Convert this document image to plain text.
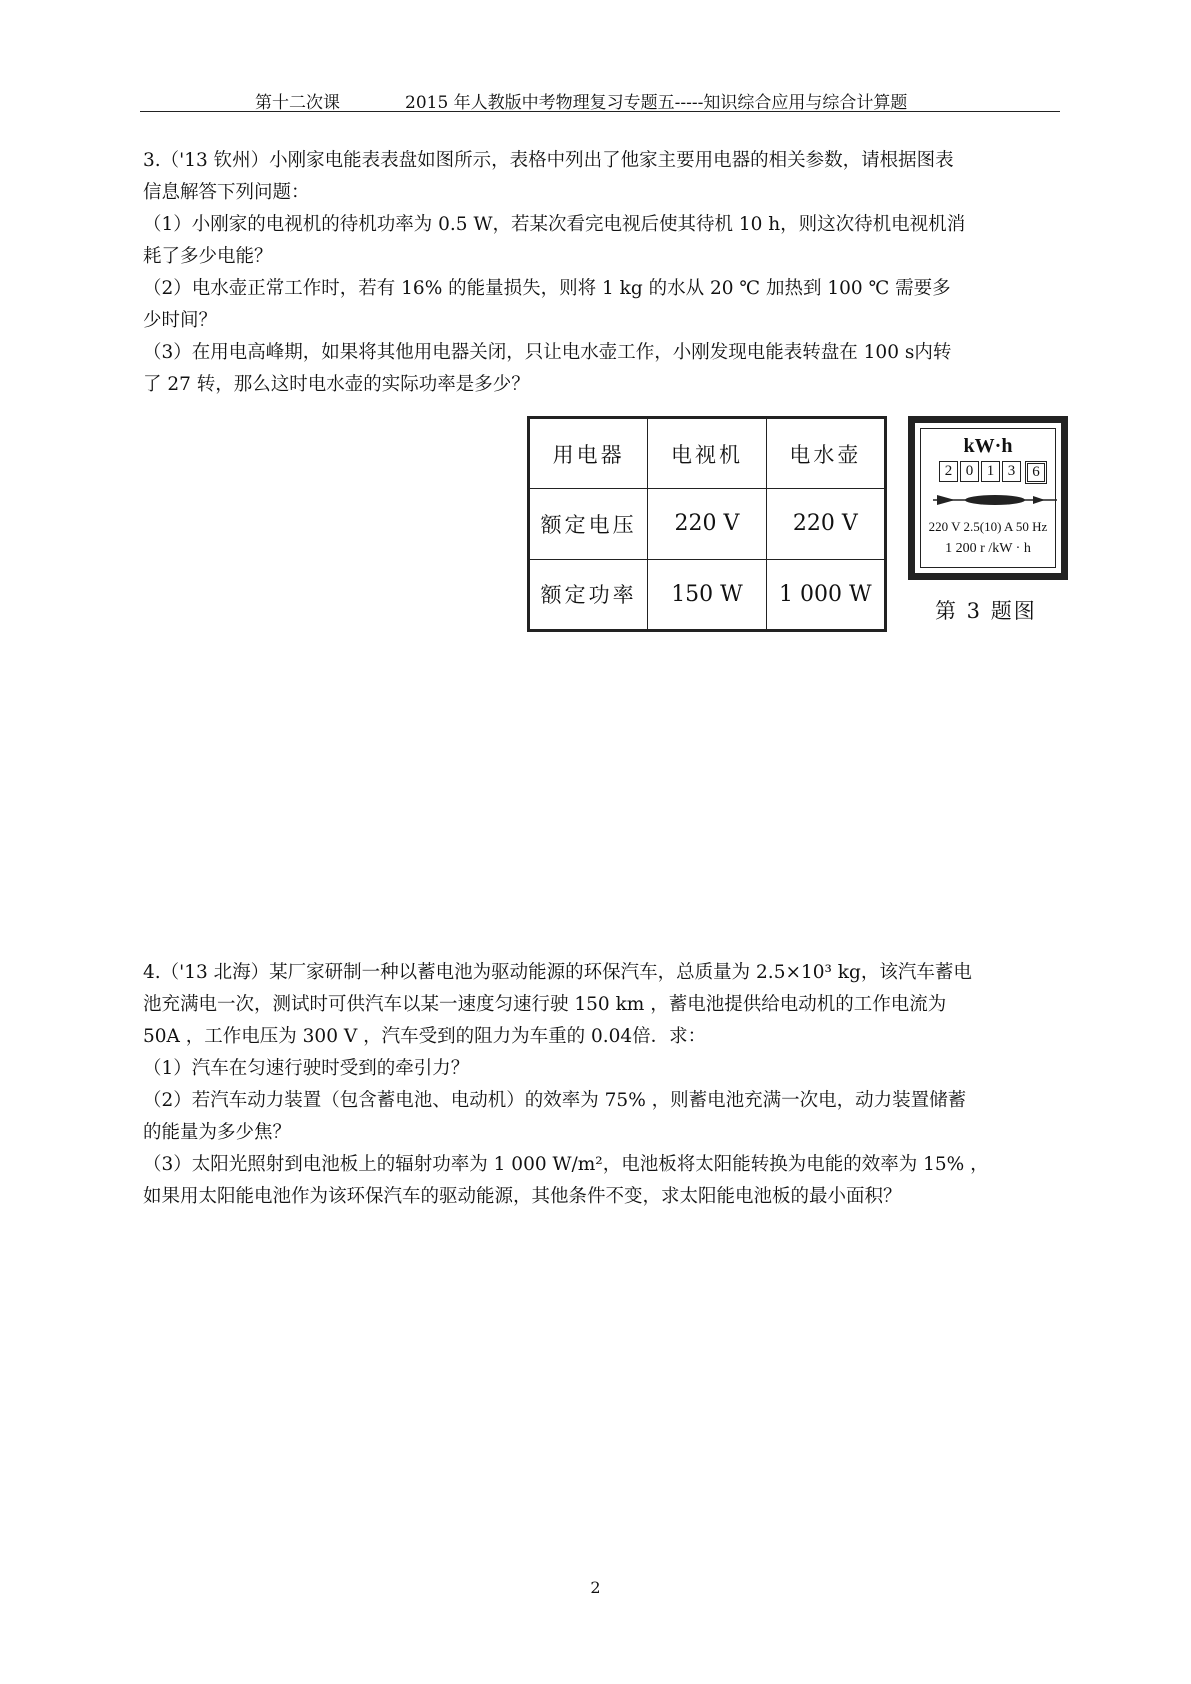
第十二次课	2015 年人教版中考物理复习专题五-----知识综合应用与综合计算题

3.（'13 钦州）小刚家电能表表盘如图所示，表格中列出了他家主要用电器的相关参数，请根据图表

信息解答下列问题：

（1）小刚家的电视机的待机功率为 0.5 W，若某次看完电视后使其待机 10 h，则这次待机电视机消

耗了多少电能？

（2）电水壶正常工作时，若有 16% 的能量损失，则将 1 kg 的水从 20 ℃ 加热到 100 ℃ 需要多

少时间？

（3）在用电高峰期，如果将其他用电器关闭，只让电水壶工作，小刚发现电能表转盘在 100 s内转

了 27 转，那么这时电水壶的实际功率是多少？

用电器	电视机	电水壶
额定电压	220 V	220 V
额定功率	150 W	1 000 W
kW·h
2 0 1 3	6
220 V 2.5(10) A 50 Hz
1 200 r /kW · h
第 3 题图

4.（'13 北海）某厂家研制一种以蓄电池为驱动能源的环保汽车，总质量为 2.5×10³ kg，该汽车蓄电

池充满电一次，测试时可供汽车以某一速度匀速行驶 150 km ，蓄电池提供给电动机的工作电流为

50A ，工作电压为 300 V ，汽车受到的阻力为车重的 0.04倍．求：

（1）汽车在匀速行驶时受到的牵引力？

（2）若汽车动力装置（包含蓄电池、电动机）的效率为 75% ，则蓄电池充满一次电，动力装置储蓄

的能量为多少焦？

（3）太阳光照射到电池板上的辐射功率为 1 000 W/m²，电池板将太阳能转换为电能的效率为 15% ，

如果用太阳能电池作为该环保汽车的驱动能源，其他条件不变，求太阳能电池板的最小面积？

2
